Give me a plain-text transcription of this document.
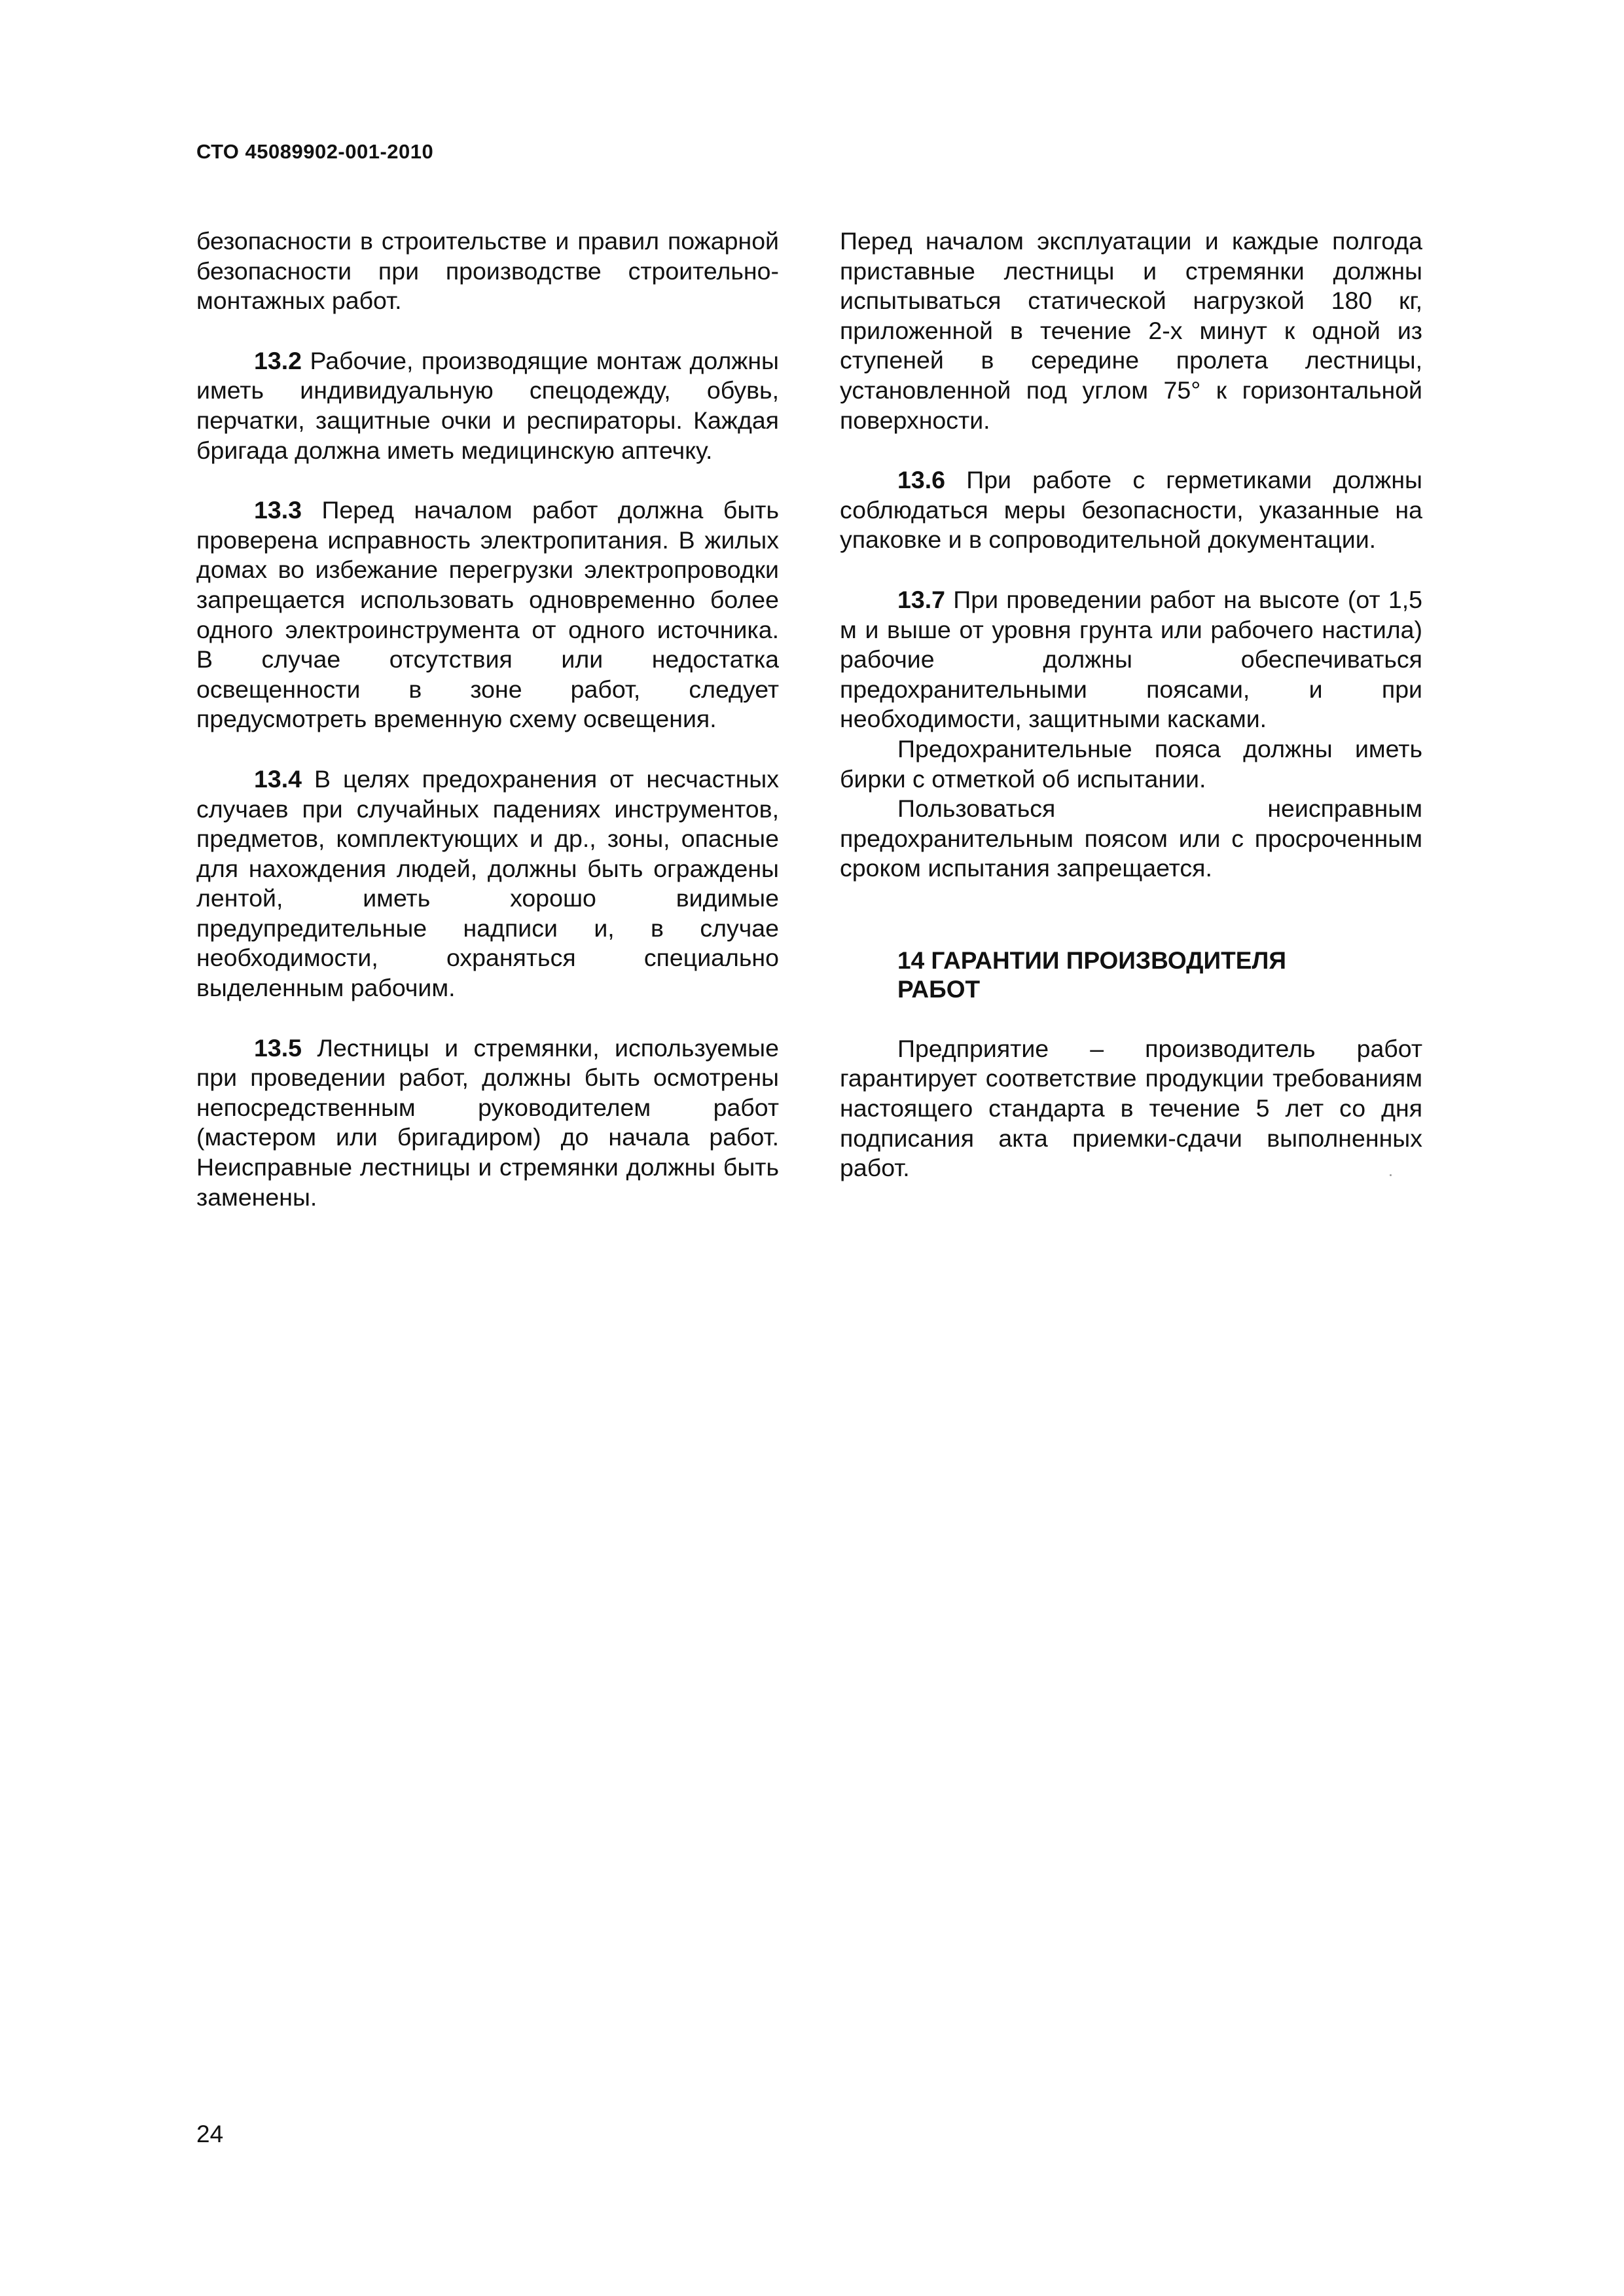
СТО 45089902-001-2010

безопасности в строительстве и правил пожарной безопасности при производстве строительно-монтажных работ.

13.2 Рабочие, производящие монтаж должны иметь индивидуальную спецодежду, обувь, перчатки, защитные очки и респираторы. Каждая бригада должна иметь медицинскую аптечку.

13.3 Перед началом работ должна быть проверена исправность электропитания. В жилых домах во избежание перегрузки электропроводки запрещается использовать одновременно более одного электроинструмента от одного источника. В случае отсутствия или недостатка освещенности в зоне работ, следует предусмотреть временную схему освещения.

13.4 В целях предохранения от несчастных случаев при случайных падениях инструментов, предметов, комплектующих и др., зоны, опасные для нахождения людей, должны быть ограждены лентой, иметь хорошо видимые предупредительные надписи и, в случае необходимости, охраняться специально выделенным рабочим.

13.5 Лестницы и стремянки, используемые при проведении работ, должны быть осмотрены непосредственным руководителем работ (мастером или бригадиром) до начала работ. Неисправные лестницы и стремянки должны быть заменены.

Перед началом эксплуатации и каждые полгода приставные лестницы и стремянки должны испытываться статической нагрузкой 180 кг, приложенной в течение 2-х минут к одной из ступеней в середине пролета лестницы, установленной под углом 75° к горизонтальной поверхности.

13.6 При работе с герметиками должны соблюдаться меры безопасности, указанные на упаковке и в сопроводительной документации.

13.7 При проведении работ на высоте (от 1,5 м и выше от уровня грунта или рабочего настила) рабочие должны обеспечиваться предохранительными поясами, и при необходимости, защитными касками.

Предохранительные пояса должны иметь бирки с отметкой об испытании.

Пользоваться неисправным предохранительным поясом или с просроченным сроком испытания запрещается.

14 ГАРАНТИИ ПРОИЗВОДИТЕЛЯ РАБОТ

Предприятие – производитель работ гарантирует соответствие продукции требованиям настоящего стандарта в течение 5 лет со дня подписания акта приемки-сдачи выполненных работ.

24
